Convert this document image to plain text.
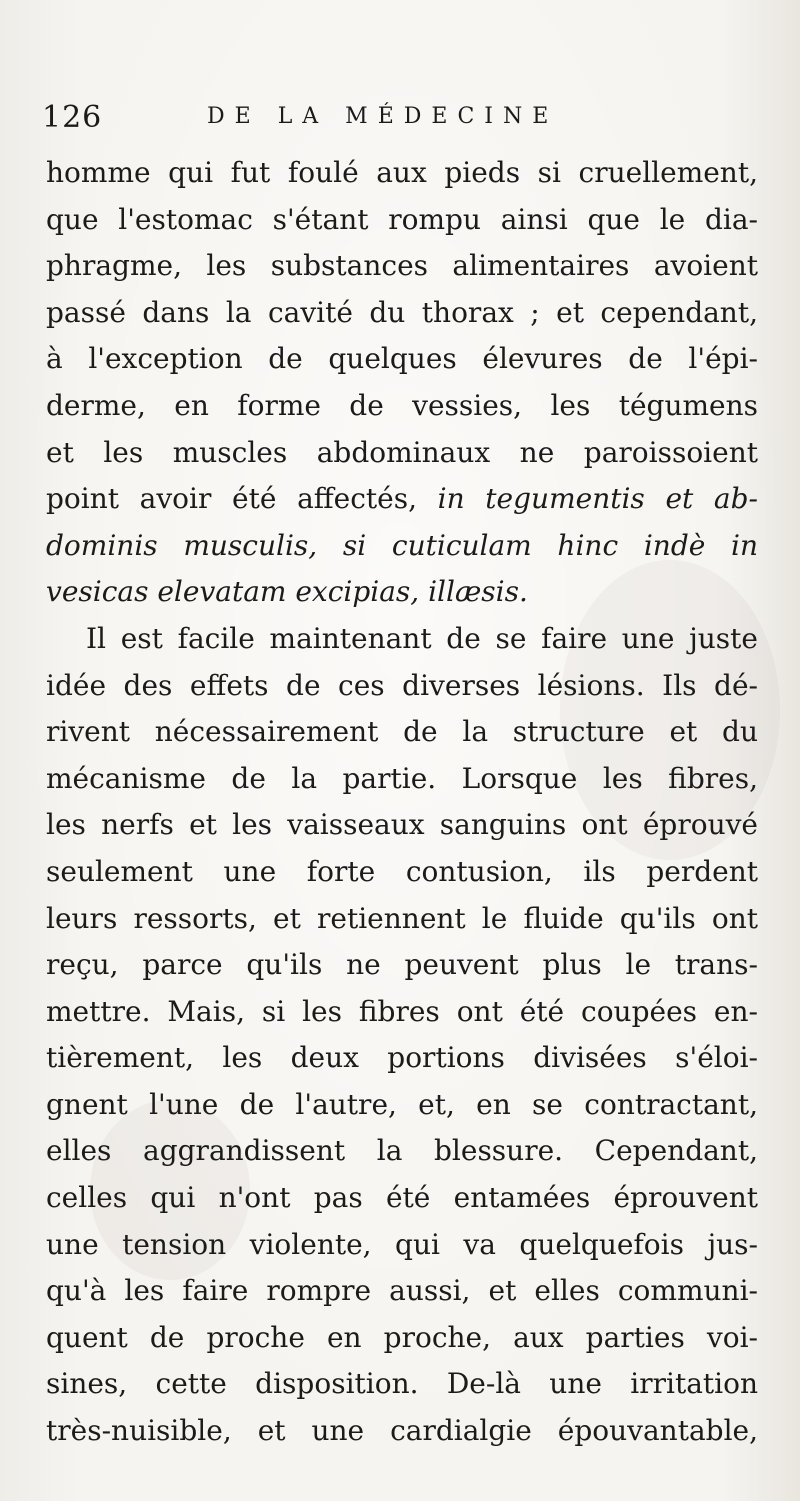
126	DE LA MÉDECINE
homme qui fut foulé aux pieds si cruellement,
que l'estomac s'étant rompu ainsi que le dia-
phragme, les substances alimentaires avoient
passé dans la cavité du thorax ; et cependant,
à l'exception de quelques élevures de l'épi-
derme, en forme de vessies, les tégumens
et les muscles abdominaux ne paroissoient
point avoir été affectés, in tegumentis et ab-
dominis musculis, si cuticulam hinc indè in
vesicas elevatam excipias, illæsis.
Il est facile maintenant de se faire une juste
idée des effets de ces diverses lésions. Ils dé-
rivent nécessairement de la structure et du
mécanisme de la partie. Lorsque les fibres,
les nerfs et les vaisseaux sanguins ont éprouvé
seulement une forte contusion, ils perdent
leurs ressorts, et retiennent le fluide qu'ils ont
reçu, parce qu'ils ne peuvent plus le trans-
mettre. Mais, si les fibres ont été coupées en-
tièrement, les deux portions divisées s'éloi-
gnent l'une de l'autre, et, en se contractant,
elles aggrandissent la blessure. Cependant,
celles qui n'ont pas été entamées éprouvent
une tension violente, qui va quelquefois jus-
qu'à les faire rompre aussi, et elles communi-
quent de proche en proche, aux parties voi-
sines, cette disposition. De-là une irritation
très-nuisible, et une cardialgie épouvantable,
